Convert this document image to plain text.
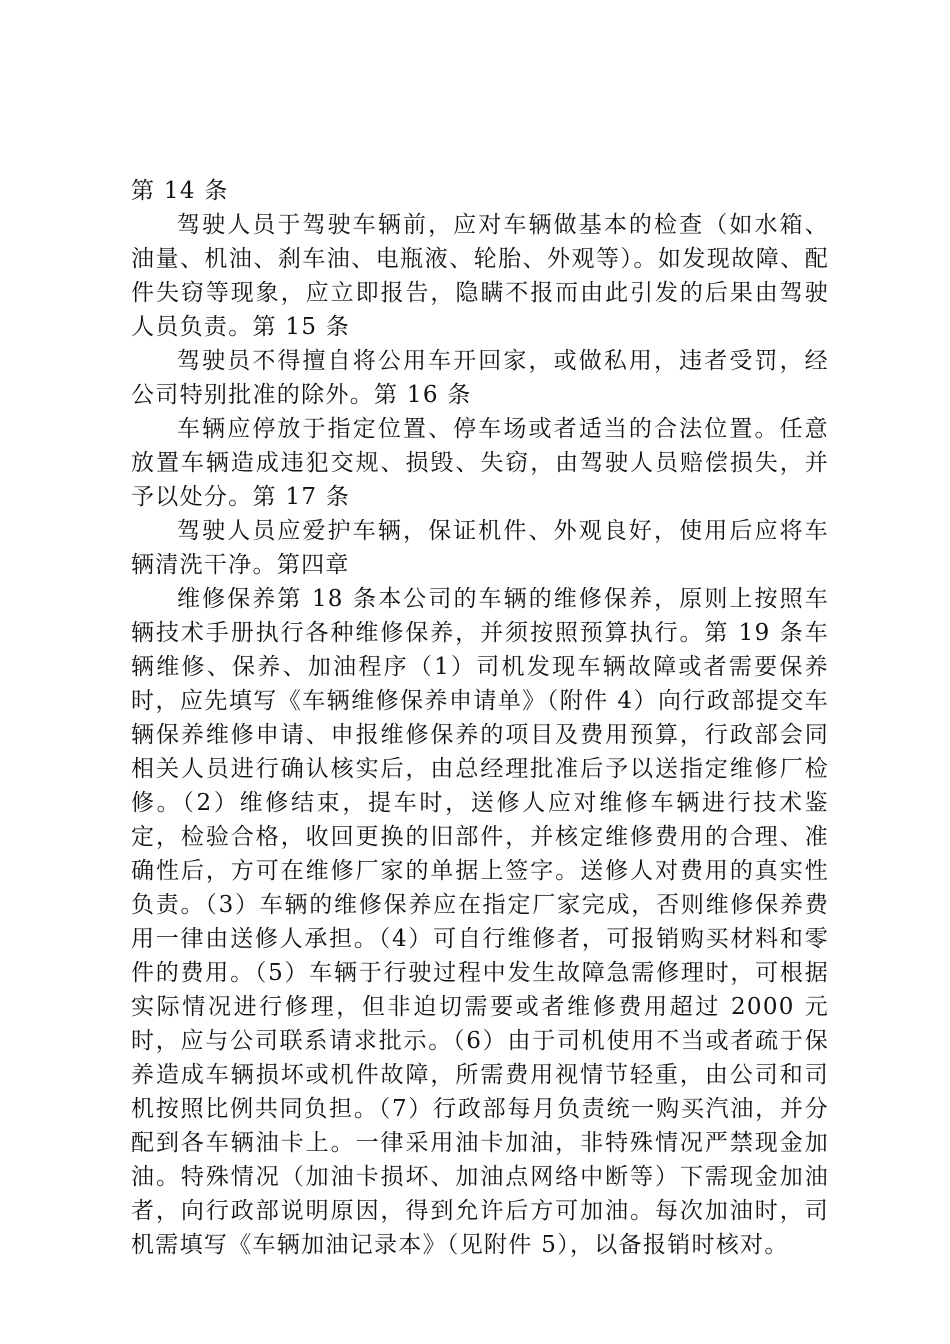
第 14 条

驾驶人员于驾驶车辆前，应对车辆做基本的检查（如水箱、油量、机油、刹车油、电瓶液、轮胎、外观等）。如发现故障、配件失窃等现象，应立即报告，隐瞒不报而由此引发的后果由驾驶人员负责。第 15 条

驾驶员不得擅自将公用车开回家，或做私用，违者受罚，经公司特别批准的除外。第 16 条

车辆应停放于指定位置、停车场或者适当的合法位置。任意放置车辆造成违犯交规、损毁、失窃，由驾驶人员赔偿损失，并予以处分。第 17 条

驾驶人员应爱护车辆，保证机件、外观良好，使用后应将车辆清洗干净。第四章

维修保养第 18 条本公司的车辆的维修保养，原则上按照车辆技术手册执行各种维修保养，并须按照预算执行。第 19 条车辆维修、保养、加油程序（1）司机发现车辆故障或者需要保养时，应先填写《车辆维修保养申请单》（附件 4）向行政部提交车辆保养维修申请、申报维修保养的项目及费用预算，行政部会同相关人员进行确认核实后，由总经理批准后予以送指定维修厂检修。（2）维修结束，提车时，送修人应对维修车辆进行技术鉴定，检验合格，收回更换的旧部件，并核定维修费用的合理、准确性后，方可在维修厂家的单据上签字。送修人对费用的真实性负责。（3）车辆的维修保养应在指定厂家完成，否则维修保养费用一律由送修人承担。（4）可自行维修者，可报销购买材料和零件的费用。（5）车辆于行驶过程中发生故障急需修理时，可根据实际情况进行修理，但非迫切需要或者维修费用超过 2000 元时，应与公司联系请求批示。（6）由于司机使用不当或者疏于保养造成车辆损坏或机件故障，所需费用视情节轻重，由公司和司机按照比例共同负担。（7）行政部每月负责统一购买汽油，并分配到各车辆油卡上。一律采用油卡加油，非特殊情况严禁现金加油。特殊情况（加油卡损坏、加油点网络中断等）下需现金加油者，向行政部说明原因，得到允许后方可加油。每次加油时，司机需填写《车辆加油记录本》（见附件 5），以备报销时核对。
